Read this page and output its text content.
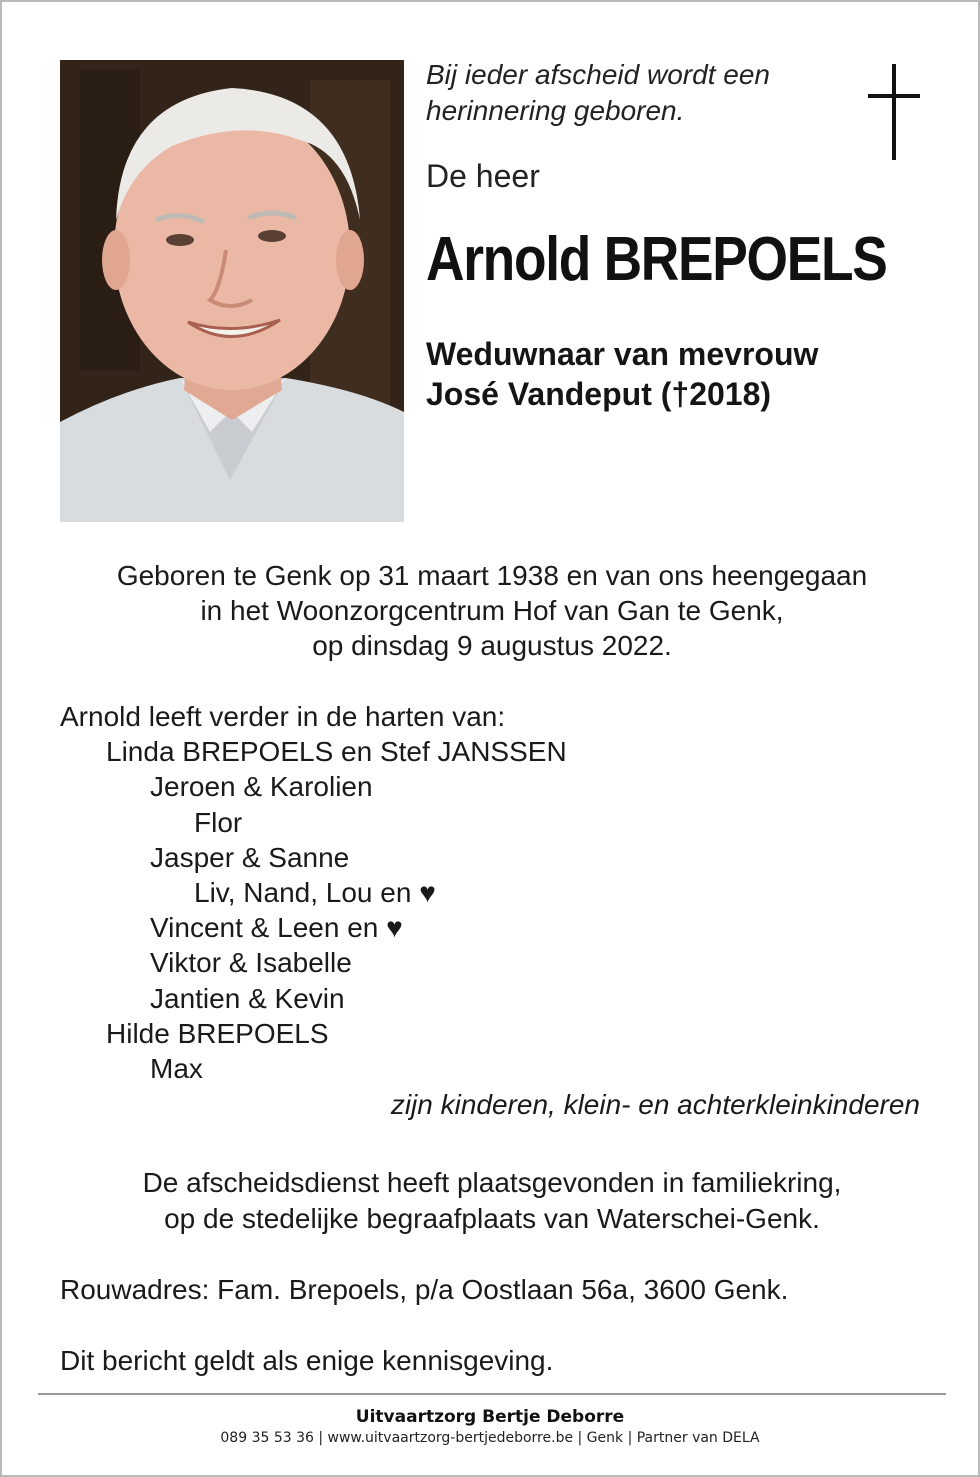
Bij ieder afscheid wordt een
herinnering geboren.
De heer
Arnold BREPOELS
Weduwnaar van mevrouw
José Vandeput (†2018)
Geboren te Genk op 31 maart 1938 en van ons heengegaan
in het Woonzorgcentrum Hof van Gan te Genk,
op dinsdag 9 augustus 2022.
Arnold leeft verder in de harten van:
Linda BREPOELS en Stef JANSSEN
Jeroen & Karolien
Flor
Jasper & Sanne
Liv, Nand, Lou en ♥
Vincent & Leen en ♥
Viktor & Isabelle
Jantien & Kevin
Hilde BREPOELS
Max
zijn kinderen, klein- en achterkleinkinderen
De afscheidsdienst heeft plaatsgevonden in familiekring,
op de stedelijke begraafplaats van Waterschei-Genk.
Rouwadres: Fam. Brepoels, p/a Oostlaan 56a, 3600 Genk.
Dit bericht geldt als enige kennisgeving.
Uitvaartzorg Bertje Deborre
089 35 53 36 | www.uitvaartzorg-bertjedeborre.be | Genk | Partner van DELA
